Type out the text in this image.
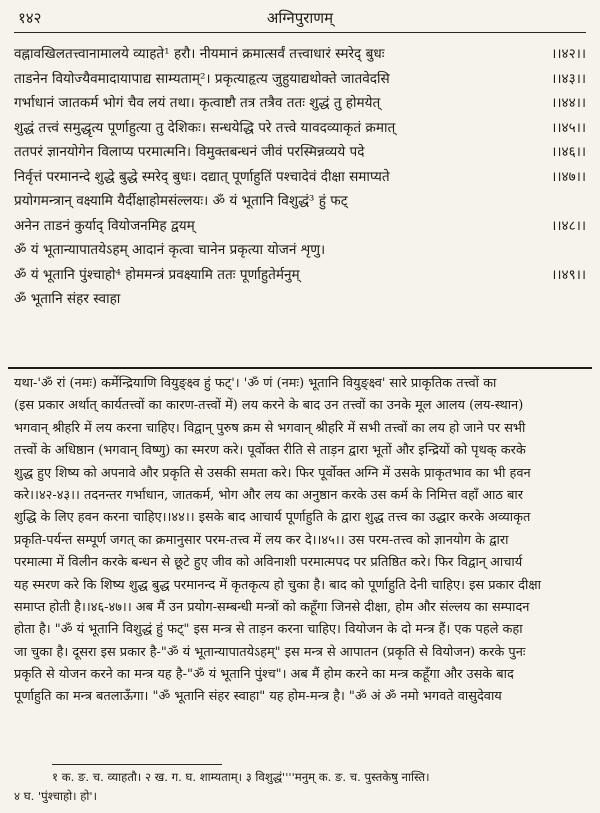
१४२	अग्निपुराणम्
वह्नावखिलतत्त्वानामालये व्याहते¹ हरौ। नीयमानं क्रमात्सर्वं तत्त्वाधारं स्मरेद् बुधः	।।४२।।
ताडनेन वियोज्यैवमादायापाद्य साम्यताम्²। प्रकृत्याहृत्य जुहुयाद्यथोक्ते जातवेदसि	।।४३।।
गर्भाधानं जातकर्म भोगं चैव लयं तथा। कृत्वाष्टौ तत्र तत्रैव ततः शुद्धं तु होमयेत्	।।४४।।
शुद्धं तत्त्वं समुद्धृत्य पूर्णाहुत्या तु देशिकः। सन्धयेद्धि परे तत्त्वे यावदव्याकृतं क्रमात्	।।४५।।
ततपरं ज्ञानयोगेन विलाप्य परमात्मनि। विमुक्तबन्धनं जीवं परस्मिन्नव्यये पदे	।।४६।।
निर्वृत्तं परमानन्दे शुद्धे बुद्धे स्मरेद् बुधः। दद्यात् पूर्णाहुतिं पश्चादेवं दीक्षा समाप्यते	।।४७।।
प्रयोगमन्त्रान् वक्ष्यामि यैर्दीक्षाहोमसंल्लयः। ॐ यं भूतानि विशुद्धं³ हुं फट्
अनेन ताडनं कुर्याद् वियोजनमिह द्वयम्	।।४८।।
ॐ यं भूतान्यापातयेऽहम् आदानं कृत्वा चानेन प्रकृत्या योजनं शृणु।
ॐ यं भूतानि पुंश्चाहो⁴ होममन्त्रं प्रवक्ष्यामि ततः पूर्णाहुतेर्मनुम्	।।४९।।
ॐ भूतानि संहर स्वाहा
यथा-'ॐ रां (नमः) कर्मेन्द्रियाणि वियुङ्क्ष्व हुं फट्'। 'ॐ णं (नमः) भूतानि वियुङ्क्ष्व' सारे प्राकृतिक तत्त्वों का
(इस प्रकार अर्थात् कार्यतत्त्वों का कारण-तत्त्वों में) लय करने के बाद उन तत्त्वों का उनके मूल आलय (लय-स्थान)
भगवान् श्रीहरि में लय करना चाहिए। विद्वान् पुरुष क्रम से भगवान् श्रीहरि में सभी तत्त्वों का लय हो जाने पर सभी
तत्त्वों के अधिष्ठान (भगवान् विष्णु) का स्मरण करे। पूर्वोक्त रीति से ताड़न द्वारा भूतों और इन्द्रियों को पृथक् करके
शुद्ध हुए शिष्य को अपनावे और प्रकृति से उसकी समता करे। फिर पूर्वोक्त अग्नि में उसके प्राकृतभाव का भी हवन
करे।।४२-४३।। तदनन्तर गर्भाधान, जातकर्म, भोग और लय का अनुष्ठान करके उस कर्म के निमित्त वहाँ आठ बार
शुद्धि के लिए हवन करना चाहिए।।४४।। इसके बाद आचार्य पूर्णाहुति के द्वारा शुद्ध तत्त्व का उद्धार करके अव्याकृत
प्रकृति-पर्यन्त सम्पूर्ण जगत् का क्रमानुसार परम-तत्त्व में लय कर दे।।४५।। उस परम-तत्त्व को ज्ञानयोग के द्वारा
परमात्मा में विलीन करके बन्धन से छूटे हुए जीव को अविनाशी परमात्मपद पर प्रतिष्ठित करे। फिर विद्वान् आचार्य
यह स्मरण करे कि शिष्य शुद्ध बुद्ध परमानन्द में कृतकृत्य हो चुका है। बाद को पूर्णाहुति देनी चाहिए। इस प्रकार दीक्षा
समाप्त होती है।।४६-४७।। अब मैं उन प्रयोग-सम्बन्धी मन्त्रों को कहूँगा जिनसे दीक्षा, होम और संल्लय का सम्पादन
होता है। "ॐ यं भूतानि विशुद्धं हुं फट्" इस मन्त्र से ताड़न करना चाहिए। वियोजन के दो मन्त्र हैं। एक पहले कहा
जा चुका है। दूसरा इस प्रकार है-"ॐ यं भूतान्यापातयेऽहम्" इस मन्त्र से आपातन (प्रकृति से वियोजन) करके पुनः
प्रकृति से योजन करने का मन्त्र यह है-"ॐ यं भूतानि पुंश्च"। अब मैं होम करने का मन्त्र कहूँगा और उसके बाद
पूर्णाहुति का मन्त्र बतलाऊँगा। "ॐ भूतानि संहर स्वाहा" यह होम-मन्त्र है। "ॐ अं ॐ नमो भगवते वासुदेवाय
१ क. ङ. च. व्याहतौ। २ ख. ग. घ. शाम्यताम्। ३ विशुद्धं''''मनुम् क. ङ. च. पुस्तकेषु नास्ति।
४ घ. 'पुंश्चाहो। हो'।
